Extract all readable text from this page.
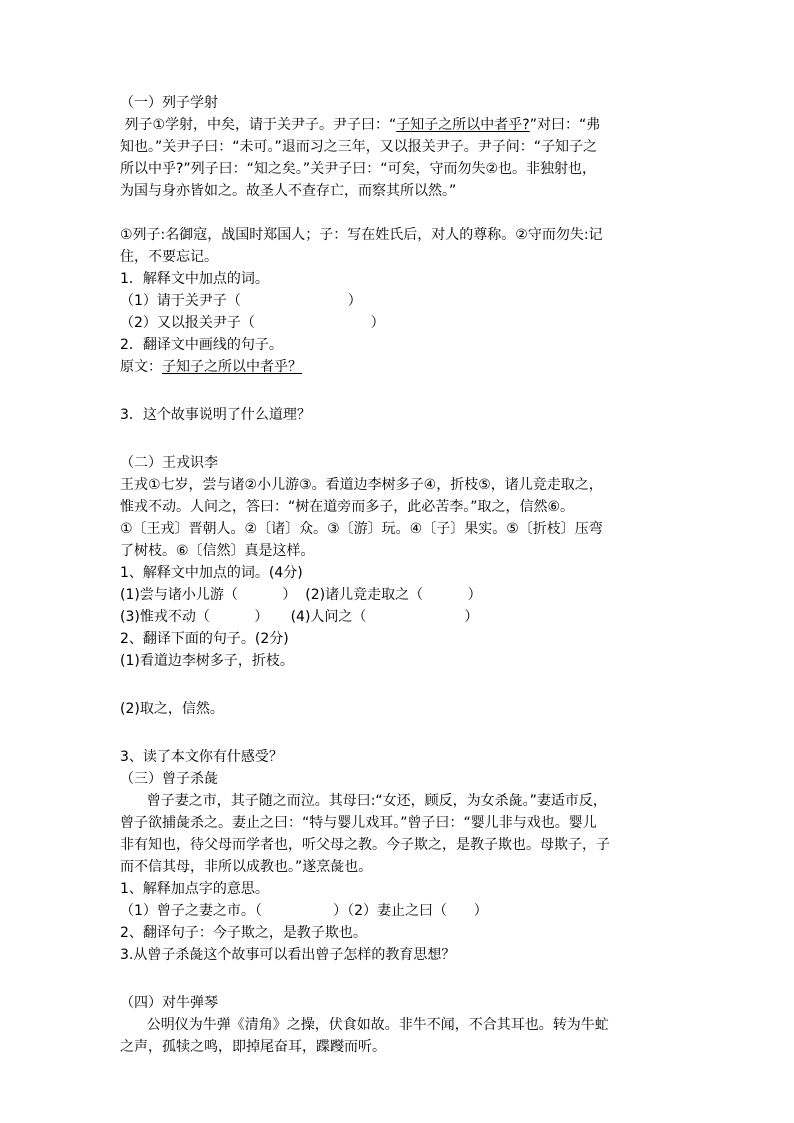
（一）列子学射
列子①学射，中矣，请于关尹子。尹子曰：“子知子之所以中者乎?”对曰：“弗
知也。”关尹子曰：“未可。”退而习之三年，又以报关尹子。尹子问：“子知子之
所以中乎?”列子曰：“知之矣。”关尹子曰：“可矣，守而勿失②也。非独射也，
为国与身亦皆如之。故圣人不查存亡，而察其所以然。”
①列子:名御寇，战国时郑国人；子：写在姓氏后，对人的尊称。②守而勿失:记
住，不要忘记。
1．解释文中加点的词。
（1）请于关尹子（                        ）
（2）又以报关尹子（                          ）
2．翻译文中画线的句子。
原文：子知子之所以中者乎？
3．这个故事说明了什么道理？
（二）王戎识李
王戎①七岁，尝与诸②小儿游③。看道边李树多子④，折枝⑤，诸儿竞走取之，
惟戎不动。人问之，答曰：“树在道旁而多子，此必苦李。”取之，信然⑥。
①〔王戎〕晋朝人。②〔诸〕众。③〔游〕玩。④〔子〕果实。⑤〔折枝〕压弯
了树枝。⑥〔信然〕真是这样。
1、解释文中加点的词。(4分)
(1)尝与诸小儿游（          ）  (2)诸儿竞走取之（          ）
(3)惟戎不动（          ）     (4)人问之（                      ）
2、翻译下面的句子。(2分)
(1)看道边李树多子，折枝。
(2)取之，信然。
3、读了本文你有什感受？
（三）曾子杀彘
曾子妻之市，其子随之而泣。其母曰:“女还，顾反，为女杀彘。”妻适市反，
曾子欲捕彘杀之。妻止之曰：“特与婴儿戏耳。”曾子曰：“婴儿非与戏也。婴儿
非有知也，待父母而学者也，听父母之教。今子欺之，是教子欺也。母欺子，子
而不信其母，非所以成教也。”遂烹彘也。
1、解释加点字的意思。
（1）曾子之妻之市。（                ）（2）妻止之曰（      ）
2、翻译句子：今子欺之，是教子欺也。
3.从曾子杀彘这个故事可以看出曾子怎样的教育思想？
（四）对牛弹琴
公明仪为牛弹《清角》之操，伏食如故。非牛不闻，不合其耳也。转为牛虻
之声，孤犊之鸣，即掉尾奋耳，蹀躞而听。
